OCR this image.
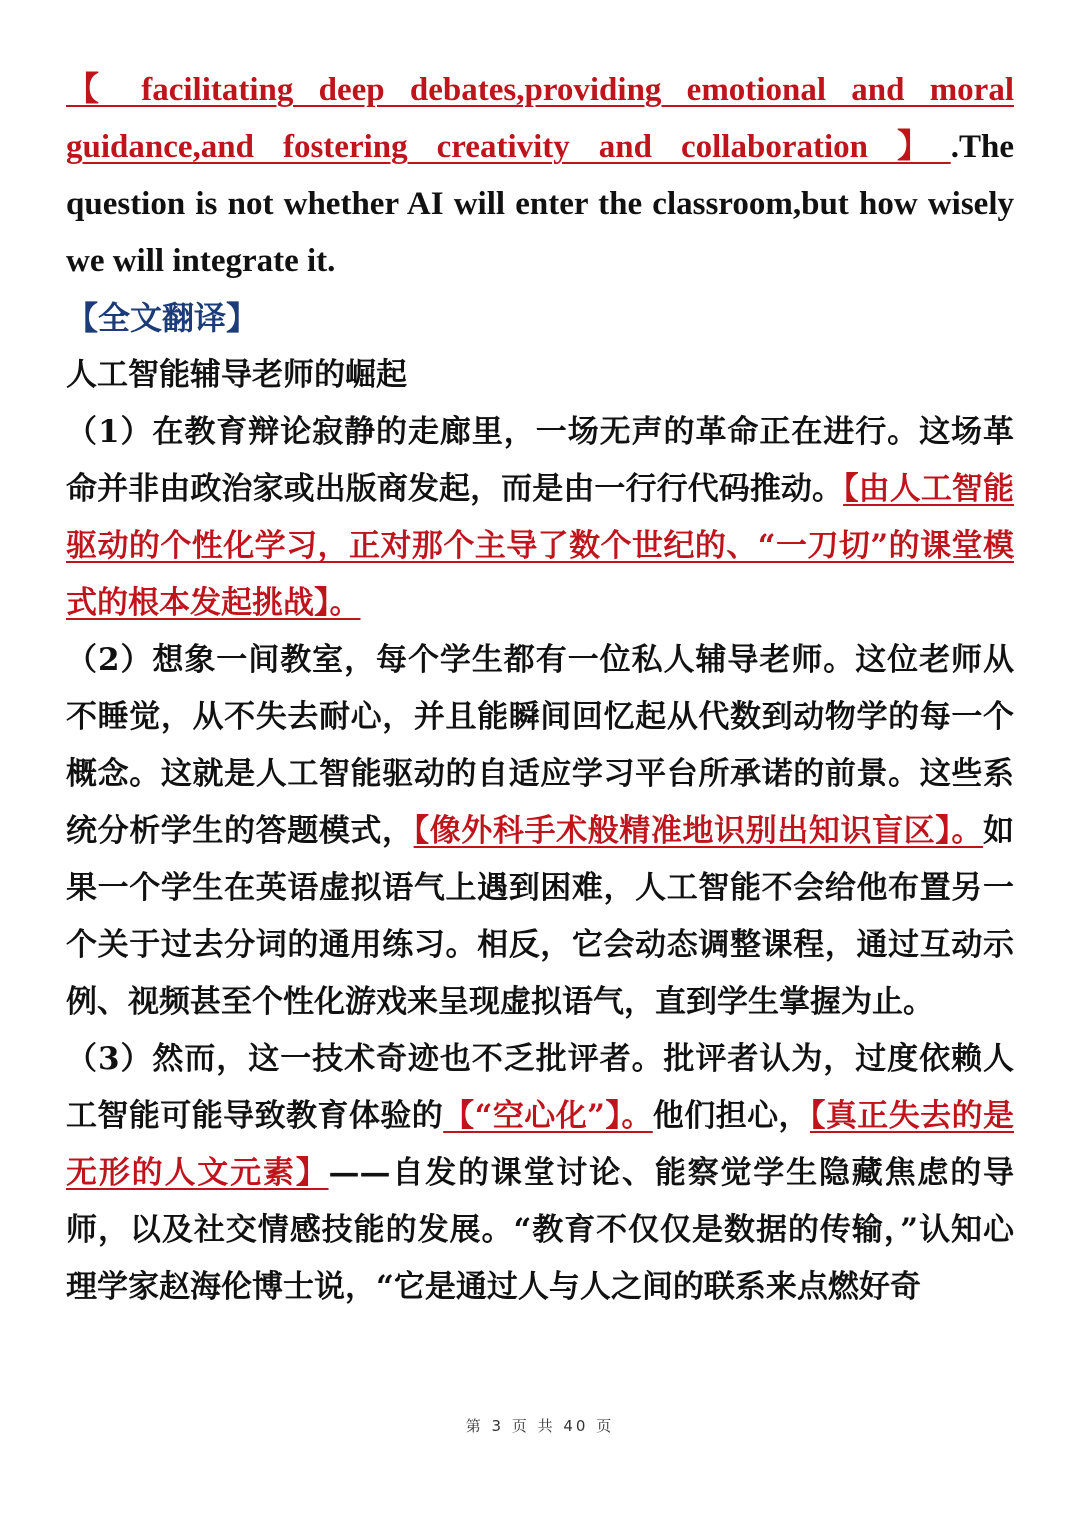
【 facilitating deep debates,providing emotional and moral guidance,and fostering creativity and collaboration 】.The question is not whether AI will enter the classroom,but how wisely we will integrate it.

【全文翻译】

人工智能辅导老师的崛起

（1）在教育辩论寂静的走廊里，一场无声的革命正在进行。这场革命并非由政治家或出版商发起，而是由一行行代码推动。【由人工智能驱动的个性化学习，正对那个主导了数个世纪的、“一刀切”的课堂模式的根本发起挑战】。

（2）想象一间教室，每个学生都有一位私人辅导老师。这位老师从不睡觉，从不失去耐心，并且能瞬间回忆起从代数到动物学的每一个概念。这就是人工智能驱动的自适应学习平台所承诺的前景。这些系统分析学生的答题模式，【像外科手术般精准地识别出知识盲区】。如果一个学生在英语虚拟语气上遇到困难，人工智能不会给他布置另一个关于过去分词的通用练习。相反，它会动态调整课程，通过互动示例、视频甚至个性化游戏来呈现虚拟语气，直到学生掌握为止。

（3）然而，这一技术奇迹也不乏批评者。批评者认为，过度依赖人工智能可能导致教育体验的【“空心化”】。他们担心，【真正失去的是无形的人文元素】——自发的课堂讨论、能察觉学生隐藏焦虑的导师，以及社交情感技能的发展。“教育不仅仅是数据的传输，”认知心理学家赵海伦博士说，“它是通过人与人之间的联系来点燃好奇

第 3 页 共 40 页
